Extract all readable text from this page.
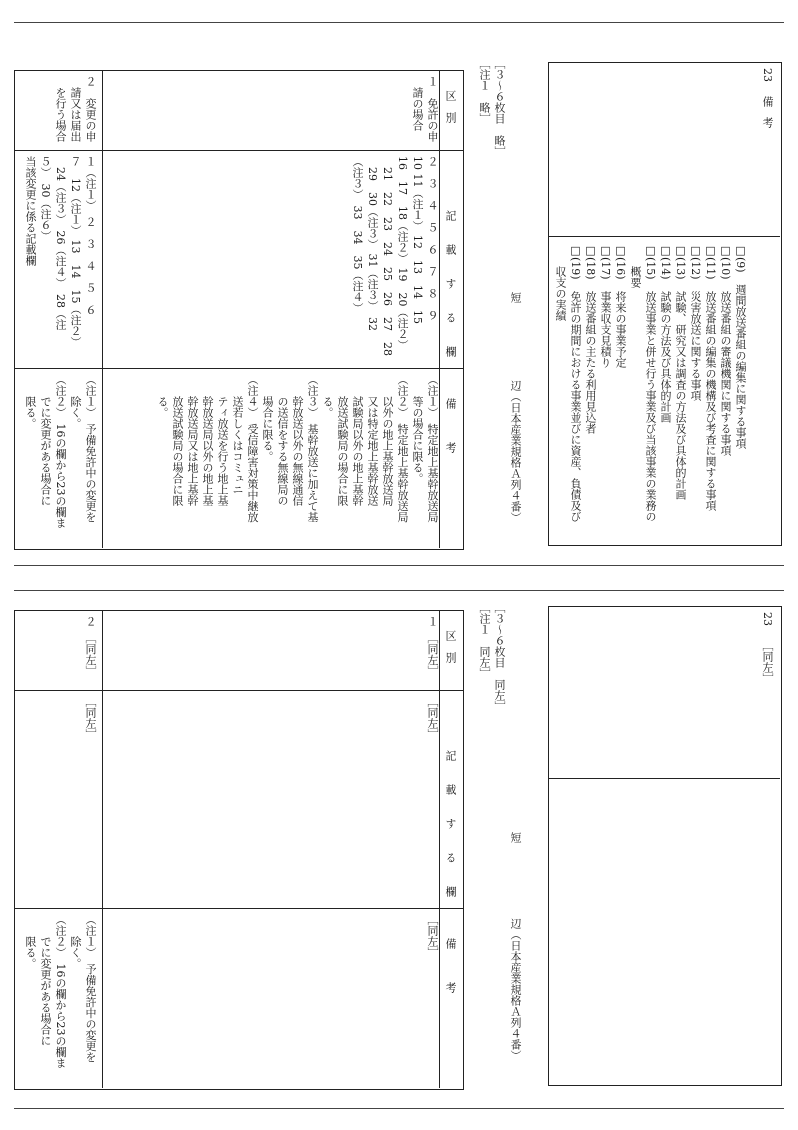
23
備考
□(9)　週間放送番組の編集に関する事項
□(10)　放送番組の審議機関に関する事項
□(11)　放送番組の編集の機構及び考査に関する事項
□(12)　災害放送に関する事項
□(13)　試験、研究又は調査の方法及び具体的計画
□(14)　試験の方法及び具体的計画
□(15)　放送事業と併せ行う事業及び当該事業の業務の
　　概要
□(16)　将来の事業予定
□(17)　事業収支見積り
□(18)　放送番組の主たる利用見込者
□(19)　免許の期間における事業並びに資産、負債及び
　　収支の実績
短
辺（日本産業規格Ａ列４番）
［３～６枚目　略］
［注１　略］
区　別
記　載　す　る　欄
備　　　考
１　免許の申
　請の場合
２　３　４　５　６　７　８　９
10 11（注１） 12　13　14　15
16　17　18（注２） 19　20（注２）
　21　22　23　24　25　26　27　28
　29　30（注３） 31（注３）　32
（注３）　33　34　35（注４）
（注１）　特定地上基幹放送局
　　等の場合に限る。
（注２）　特定地上基幹放送局
　　以外の地上基幹放送局
　　又は特定地上基幹放送
　　試験局以外の地上基幹
　　放送試験局の場合に限
　　る。
（注３）　基幹放送に加えて基
　　幹放送以外の無線通信
　　の送信をする無線局の
　　場合に限る。
（注４）　受信障害対策中継放
　　送若しくはコミュニ
　　ティ放送を行う地上基
　　幹放送局以外の地上基
　　幹放送局又は地上基幹
　　放送試験局の場合に限
　　る。
２　変更の申
　請又は届出
　を行う場合
１（注１）　２　３　４　５　６
７　12（注１） 13　14　15（注２）
　24（注３）　26（注４）　28（注
５）　30（注６）
当該変更に係る記載欄
（注１）　予備免許中の変更を
　　除く。
（注２）　16の欄から23の欄ま
　　でに変更がある場合に
　　限る。
23
［同左］
短
辺（日本産業規格Ａ列４番）
［３～６枚目　同左］
［注１　同左］
区　別
記　載　す　る　欄
備　　　考
１　［同左］
［同左］
［同左］
２　［同左］
［同左］
（注１）　予備免許中の変更を
　　除く。
（注２）　16の欄から23の欄ま
　　でに変更がある場合に
　　限る。
